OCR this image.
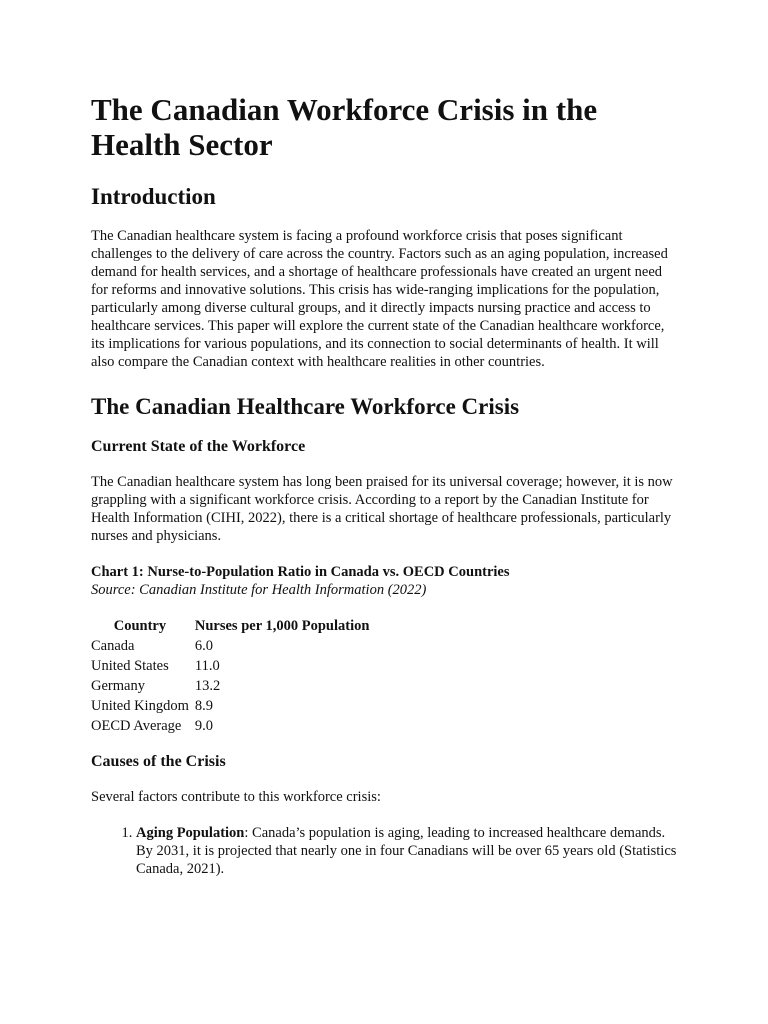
The Canadian Workforce Crisis in the Health Sector
Introduction

The Canadian healthcare system is facing a profound workforce crisis that poses significant challenges to the delivery of care across the country. Factors such as an aging population, increased demand for health services, and a shortage of healthcare professionals have created an urgent need for reforms and innovative solutions. This crisis has wide-ranging implications for the population, particularly among diverse cultural groups, and it directly impacts nursing practice and access to healthcare services. This paper will explore the current state of the Canadian healthcare workforce, its implications for various populations, and its connection to social determinants of health. It will also compare the Canadian context with healthcare realities in other countries.

The Canadian Healthcare Workforce Crisis
Current State of the Workforce

The Canadian healthcare system has long been praised for its universal coverage; however, it is now grappling with a significant workforce crisis. According to a report by the Canadian Institute for Health Information (CIHI, 2022), there is a critical shortage of healthcare professionals, particularly nurses and physicians.

Chart 1: Nurse-to-Population Ratio in Canada vs. OECD Countries
Source: Canadian Institute for Health Information (2022)
Country	Nurses per 1,000 Population
Canada	6.0
United States	11.0
Germany	13.2
United Kingdom	8.9
OECD Average	9.0
Causes of the Crisis

Several factors contribute to this workforce crisis:

1. Aging Population: Canada’s population is aging, leading to increased healthcare demands. By 2031, it is projected that nearly one in four Canadians will be over 65 years old (Statistics Canada, 2021).
